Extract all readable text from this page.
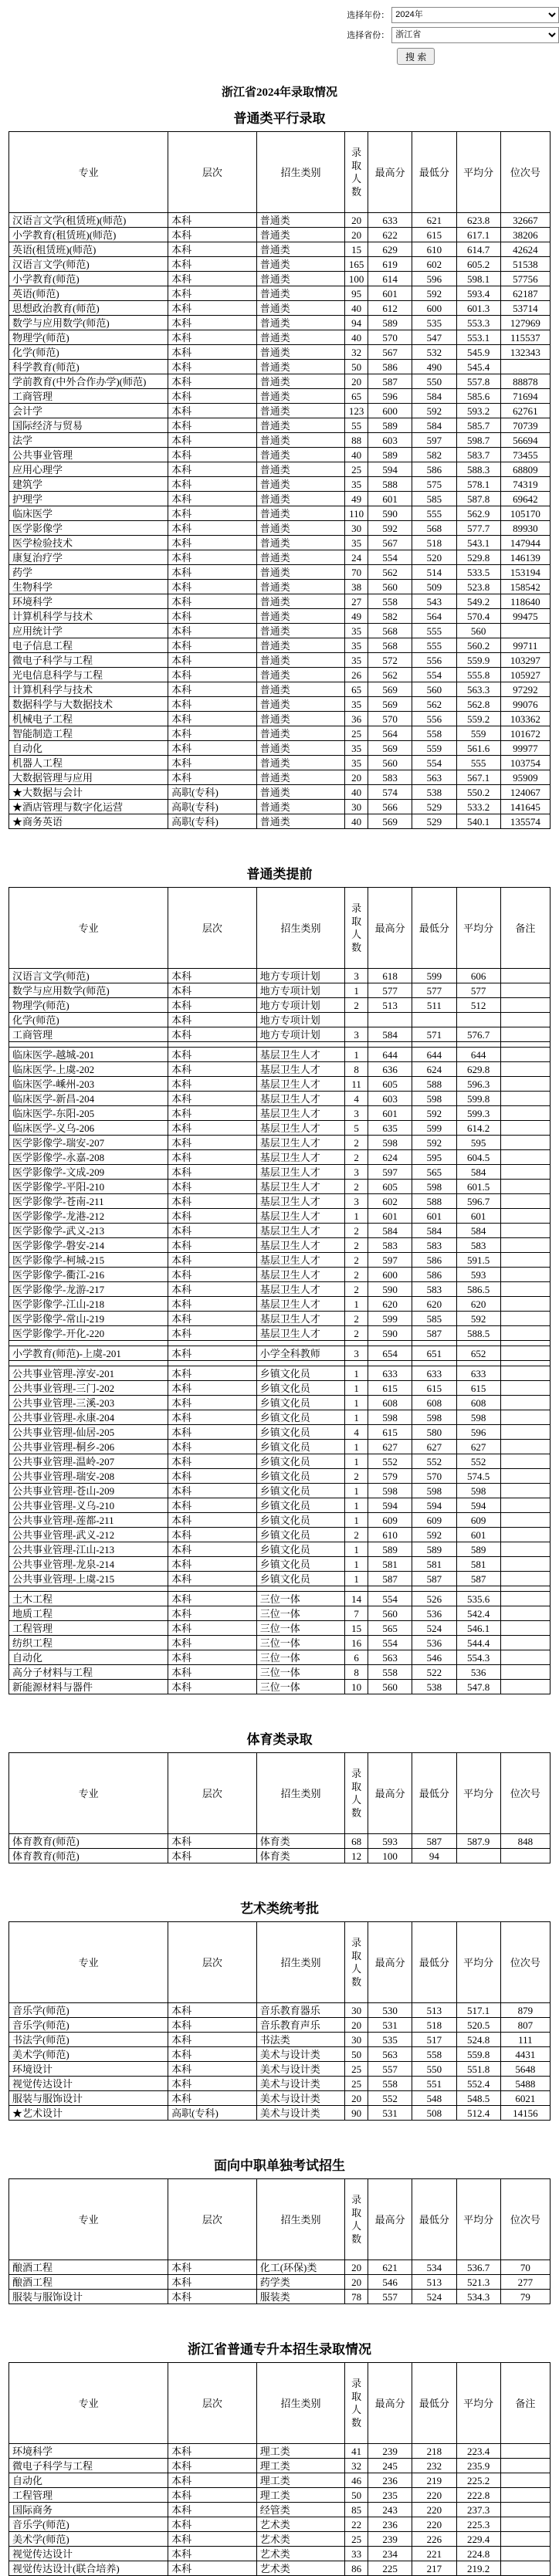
选择年份：
2024年
选择省份：
浙江省
搜 索
浙江省2024年录取情况
普通类平行录取
专业	层次	招生类别	录取人数	最高分	最低分	平均分	位次号
汉语言文学(租赁班)(师范)	本科	普通类	20	633	621	623.8	32667
小学教育(租赁班)(师范)	本科	普通类	20	622	615	617.1	38206
英语(租赁班)(师范)	本科	普通类	15	629	610	614.7	42624
汉语言文学(师范)	本科	普通类	165	619	602	605.2	51538
小学教育(师范)	本科	普通类	100	614	596	598.1	57756
英语(师范)	本科	普通类	95	601	592	593.4	62187
思想政治教育(师范)	本科	普通类	40	612	600	601.3	53714
数学与应用数学(师范)	本科	普通类	94	589	535	553.3	127969
物理学(师范)	本科	普通类	40	570	547	553.1	115537
化学(师范)	本科	普通类	32	567	532	545.9	132343
科学教育(师范)	本科	普通类	50	586	490	545.4	
学前教育(中外合作办学)(师范)	本科	普通类	20	587	550	557.8	88878
工商管理	本科	普通类	65	596	584	585.6	71694
会计学	本科	普通类	123	600	592	593.2	62761
国际经济与贸易	本科	普通类	55	589	584	585.7	70739
法学	本科	普通类	88	603	597	598.7	56694
公共事业管理	本科	普通类	40	589	582	583.7	73455
应用心理学	本科	普通类	25	594	586	588.3	68809
建筑学	本科	普通类	35	588	575	578.1	74319
护理学	本科	普通类	49	601	585	587.8	69642
临床医学	本科	普通类	110	590	555	562.9	105170
医学影像学	本科	普通类	30	592	568	577.7	89930
医学检验技术	本科	普通类	35	567	518	543.1	147944
康复治疗学	本科	普通类	24	554	520	529.8	146139
药学	本科	普通类	70	562	514	533.5	153194
生物科学	本科	普通类	38	560	509	523.8	158542
环境科学	本科	普通类	27	558	543	549.2	118640
计算机科学与技术	本科	普通类	49	582	564	570.4	99475
应用统计学	本科	普通类	35	568	555	560	
电子信息工程	本科	普通类	35	568	555	560.2	99711
微电子科学与工程	本科	普通类	35	572	556	559.9	103297
光电信息科学与工程	本科	普通类	26	562	554	555.8	105927
计算机科学与技术	本科	普通类	65	569	560	563.3	97292
数据科学与大数据技术	本科	普通类	35	569	562	562.8	99076
机械电子工程	本科	普通类	36	570	556	559.2	103362
智能制造工程	本科	普通类	25	564	558	559	101672
自动化	本科	普通类	35	569	559	561.6	99977
机器人工程	本科	普通类	35	560	554	555	103754
大数据管理与应用	本科	普通类	20	583	563	567.1	95909
★大数据与会计	高职(专科)	普通类	40	574	538	550.2	124067
★酒店管理与数字化运营	高职(专科)	普通类	30	566	529	533.2	141645
★商务英语	高职(专科)	普通类	40	569	529	540.1	135574
普通类提前
专业	层次	招生类别	录取人数	最高分	最低分	平均分	备注
汉语言文学(师范)	本科	地方专项计划	3	618	599	606	
数学与应用数学(师范)	本科	地方专项计划	1	577	577	577	
物理学(师范)	本科	地方专项计划	2	513	511	512	
化学(师范)	本科	地方专项计划					
工商管理	本科	地方专项计划	3	584	571	576.7	

临床医学-越城-201	本科	基层卫生人才	1	644	644	644	
临床医学-上虞-202	本科	基层卫生人才	8	636	624	629.8	
临床医学-嵊州-203	本科	基层卫生人才	11	605	588	596.3	
临床医学-新昌-204	本科	基层卫生人才	4	603	598	599.8	
临床医学-东阳-205	本科	基层卫生人才	3	601	592	599.3	
临床医学-义乌-206	本科	基层卫生人才	5	635	599	614.2	
医学影像学-瑞安-207	本科	基层卫生人才	2	598	592	595	
医学影像学-永嘉-208	本科	基层卫生人才	2	624	595	604.5	
医学影像学-文成-209	本科	基层卫生人才	3	597	565	584	
医学影像学-平阳-210	本科	基层卫生人才	2	605	598	601.5	
医学影像学-苍南-211	本科	基层卫生人才	3	602	588	596.7	
医学影像学-龙港-212	本科	基层卫生人才	1	601	601	601	
医学影像学-武义-213	本科	基层卫生人才	2	584	584	584	
医学影像学-磐安-214	本科	基层卫生人才	2	583	583	583	
医学影像学-柯城-215	本科	基层卫生人才	2	597	586	591.5	
医学影像学-衢江-216	本科	基层卫生人才	2	600	586	593	
医学影像学-龙游-217	本科	基层卫生人才	2	590	583	586.5	
医学影像学-江山-218	本科	基层卫生人才	1	620	620	620	
医学影像学-常山-219	本科	基层卫生人才	2	599	585	592	
医学影像学-开化-220	本科	基层卫生人才	2	590	587	588.5	

小学教育(师范)-上虞-201	本科	小学全科教师	3	654	651	652	

公共事业管理-淳安-201	本科	乡镇文化员	1	633	633	633	
公共事业管理-三门-202	本科	乡镇文化员	1	615	615	615	
公共事业管理-三溪-203	本科	乡镇文化员	1	608	608	608	
公共事业管理-永康-204	本科	乡镇文化员	1	598	598	598	
公共事业管理-仙居-205	本科	乡镇文化员	4	615	580	596	
公共事业管理-桐乡-206	本科	乡镇文化员	1	627	627	627	
公共事业管理-温岭-207	本科	乡镇文化员	1	552	552	552	
公共事业管理-瑞安-208	本科	乡镇文化员	2	579	570	574.5	
公共事业管理-苍山-209	本科	乡镇文化员	1	598	598	598	
公共事业管理-义乌-210	本科	乡镇文化员	1	594	594	594	
公共事业管理-莲都-211	本科	乡镇文化员	1	609	609	609	
公共事业管理-武义-212	本科	乡镇文化员	2	610	592	601	
公共事业管理-江山-213	本科	乡镇文化员	1	589	589	589	
公共事业管理-龙泉-214	本科	乡镇文化员	1	581	581	581	
公共事业管理-上虞-215	本科	乡镇文化员	1	587	587	587	

土木工程	本科	三位一体	14	554	526	535.6	
地质工程	本科	三位一体	7	560	536	542.4	
工程管理	本科	三位一体	15	565	524	546.1	
纺织工程	本科	三位一体	16	554	536	544.4	
自动化	本科	三位一体	6	563	546	554.3	
高分子材料与工程	本科	三位一体	8	558	522	536	
新能源材料与器件	本科	三位一体	10	560	538	547.8	
体育类录取
专业	层次	招生类别	录取人数	最高分	最低分	平均分	位次号
体育教育(师范)	本科	体育类	68	593	587	587.9	848
体育教育(师范)	本科	体育类	12	100	94		
艺术类统考批
专业	层次	招生类别	录取人数	最高分	最低分	平均分	位次号
音乐学(师范)	本科	音乐教育器乐	30	530	513	517.1	879
音乐学(师范)	本科	音乐教育声乐	20	531	518	520.5	807
书法学(师范)	本科	书法类	30	535	517	524.8	111
美术学(师范)	本科	美术与设计类	50	563	558	559.8	4431
环境设计	本科	美术与设计类	25	557	550	551.8	5648
视觉传达设计	本科	美术与设计类	25	558	551	552.4	5488
服装与服饰设计	本科	美术与设计类	20	552	548	548.5	6021
★艺术设计	高职(专科)	美术与设计类	90	531	508	512.4	14156
面向中职单独考试招生
专业	层次	招生类别	录取人数	最高分	最低分	平均分	位次号
酿酒工程	本科	化工(环保)类	20	621	534	536.7	70
酿酒工程	本科	药学类	20	546	513	521.3	277
服装与服饰设计	本科	服装类	78	557	524	534.3	79
浙江省普通专升本招生录取情况
专业	层次	招生类别	录取人数	最高分	最低分	平均分	备注
环境科学	本科	理工类	41	239	218	223.4	
微电子科学与工程	本科	理工类	32	245	232	235.9	
自动化	本科	理工类	46	236	219	225.2	
工程管理	本科	理工类	50	235	220	222.8	
国际商务	本科	经管类	85	243	220	237.3	
音乐学(师范)	本科	艺术类	22	236	220	225.3	
美术学(师范)	本科	艺术类	25	239	226	229.4	
视觉传达设计	本科	艺术类	33	234	221	224.8	
视觉传达设计(联合培养)	本科	艺术类	86	225	217	219.2	
